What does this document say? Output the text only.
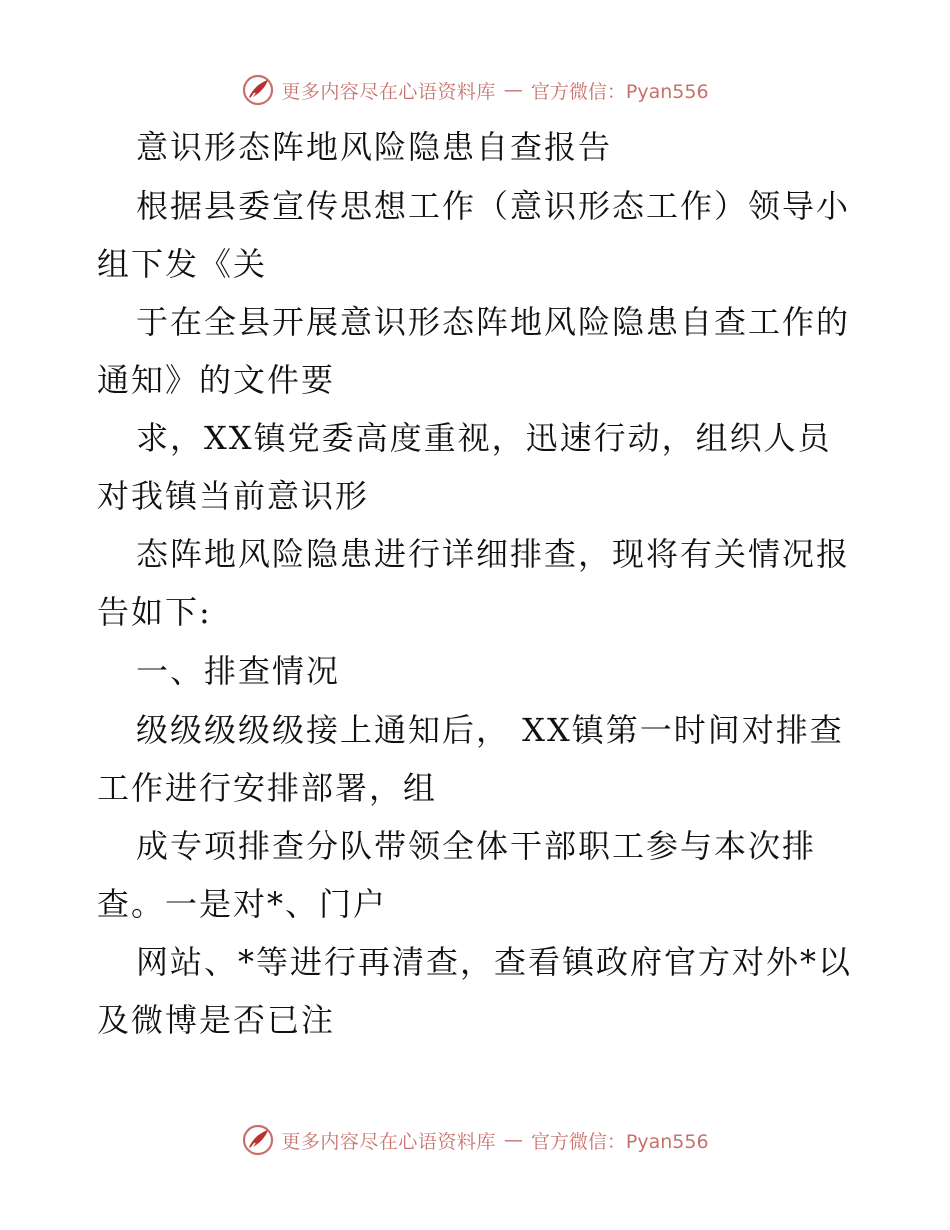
更多内容尽在心语资料库 — 官方微信：Pyan556
意识形态阵地风险隐患自查报告
根据县委宣传思想工作（意识形态工作）领导小
组下发《关
于在全县开展意识形态阵地风险隐患自查工作的
通知》的文件要
求，XX镇党委高度重视，迅速行动，组织人员
对我镇当前意识形
态阵地风险隐患进行详细排查，现将有关情况报
告如下:
一、排查情况
级级级级级接上通知后， XX镇第一时间对排查
工作进行安排部署，组
成专项排查分队带领全体干部职工参与本次排
查。一是对*、门户
网站、*等进行再清查，查看镇政府官方对外*以
及微博是否已注
更多内容尽在心语资料库 — 官方微信：Pyan556
